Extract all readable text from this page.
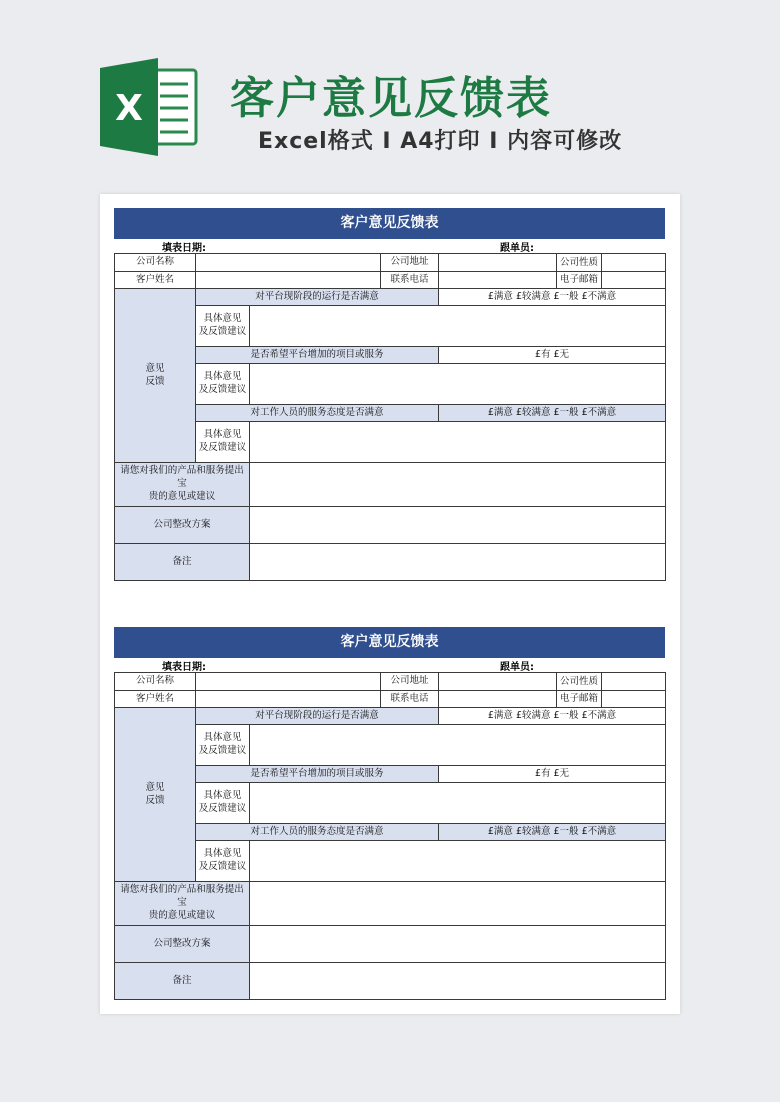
X 客户意见反馈表
Excel格式 I A4打印 I 内容可修改
客户意见反馈表
填表日期:	跟单员:
公司名称			公司地址		公司性质

客户姓名			联系电话		电子邮箱

意见
反馈	对平台现阶段的运行是否满意			£满意 £较满意 £一般 £不满意	
	具体意见
及反馈建议				
	是否希望平台增加的项目或服务			£有 £无	
	具体意见
及反馈建议				
	对工作人员的服务态度是否满意			£满意 £较满意 £一般 £不满意	
	具体意见
及反馈建议				
请您对我们的产品和服务提出宝
贵的意见或建议					
公司整改方案					
备注					
客户意见反馈表
填表日期:	跟单员:
公司名称			公司地址		公司性质

客户姓名			联系电话		电子邮箱

意见
反馈	对平台现阶段的运行是否满意			£满意 £较满意 £一般 £不满意	
	具体意见
及反馈建议				
	是否希望平台增加的项目或服务			£有 £无	
	具体意见
及反馈建议				
	对工作人员的服务态度是否满意			£满意 £较满意 £一般 £不满意	
	具体意见
及反馈建议				
请您对我们的产品和服务提出宝
贵的意见或建议					
公司整改方案					
备注					
